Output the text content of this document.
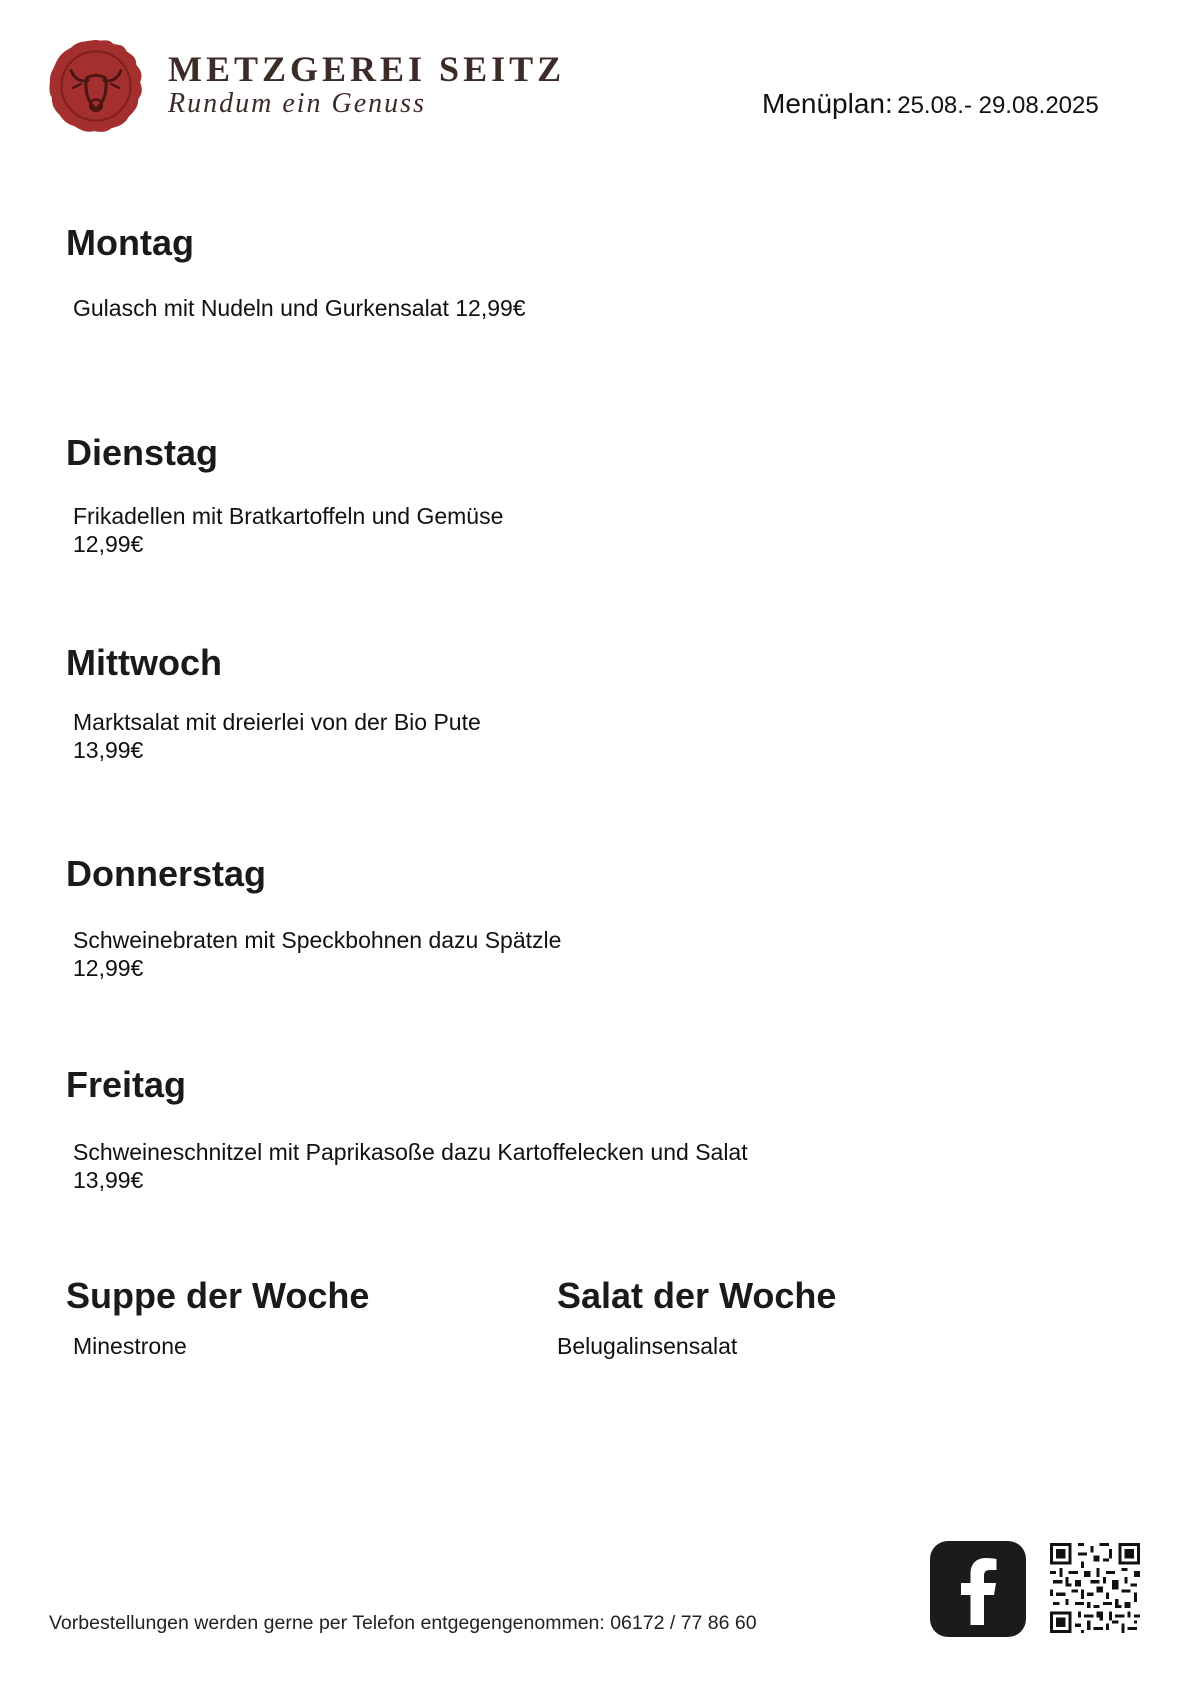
METZGEREI SEITZ
Rundum ein Genuss	Menüplan: 25.08.- 29.08.2025
Montag
Gulasch mit Nudeln und Gurkensalat 12,99€
Dienstag
Frikadellen mit Bratkartoffeln und Gemüse
12,99€
Mittwoch
Marktsalat mit dreierlei von der Bio Pute
13,99€
Donnerstag
Schweinebraten mit Speckbohnen dazu Spätzle
12,99€
Freitag
Schweineschnitzel mit Paprikasoße dazu Kartoffelecken und Salat
13,99€
Suppe der Woche
Minestrone
Salat der Woche
Belugalinsensalat
Vorbestellungen werden gerne per Telefon entgegengenommen: 06172 / 77 86 60
